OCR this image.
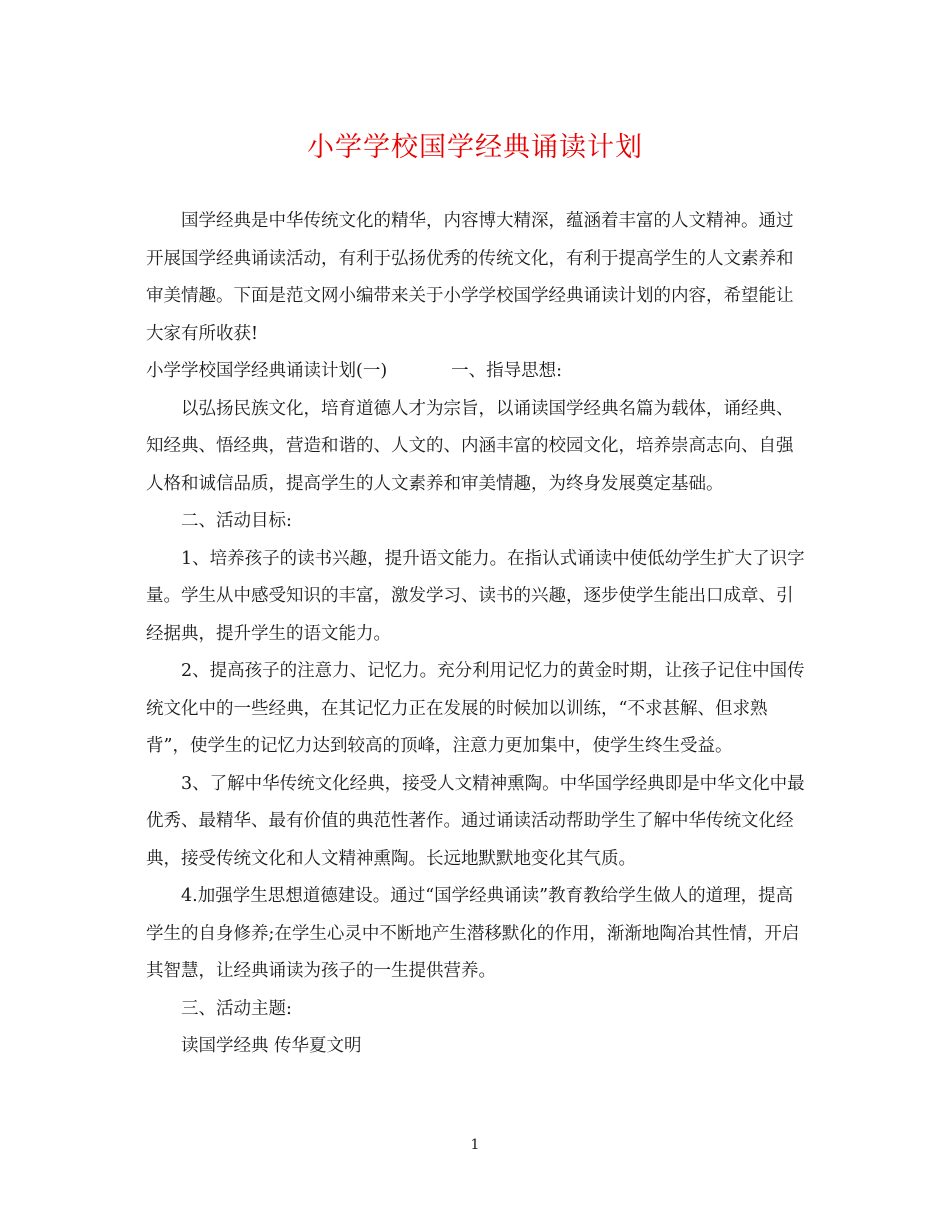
小学学校国学经典诵读计划

国学经典是中华传统文化的精华，内容博大精深，蕴涵着丰富的人文精神。通过开展国学经典诵读活动，有利于弘扬优秀的传统文化，有利于提高学生的人文素养和审美情趣。下面是范文网小编带来关于小学学校国学经典诵读计划的内容，希望能让大家有所收获!

小学学校国学经典诵读计划(一)	一、指导思想:

以弘扬民族文化，培育道德人才为宗旨，以诵读国学经典名篇为载体，诵经典、知经典、悟经典，营造和谐的、人文的、内涵丰富的校园文化，培养崇高志向、自强人格和诚信品质，提高学生的人文素养和审美情趣，为终身发展奠定基础。

二、活动目标:

1、培养孩子的读书兴趣，提升语文能力。在指认式诵读中使低幼学生扩大了识字量。学生从中感受知识的丰富，激发学习、读书的兴趣，逐步使学生能出口成章、引经据典，提升学生的语文能力。

2、提高孩子的注意力、记忆力。充分利用记忆力的黄金时期，让孩子记住中国传统文化中的一些经典，在其记忆力正在发展的时候加以训练，“不求甚解、但求熟背”，使学生的记忆力达到较高的顶峰，注意力更加集中，使学生终生受益。

3、了解中华传统文化经典，接受人文精神熏陶。中华国学经典即是中华文化中最优秀、最精华、最有价值的典范性著作。通过诵读活动帮助学生了解中华传统文化经典，接受传统文化和人文精神熏陶。长远地默默地变化其气质。

4.加强学生思想道德建设。通过“国学经典诵读”教育教给学生做人的道理，提高学生的自身修养;在学生心灵中不断地产生潜移默化的作用，渐渐地陶冶其性情，开启其智慧，让经典诵读为孩子的一生提供营养。

三、活动主题:

读国学经典 传华夏文明

1
